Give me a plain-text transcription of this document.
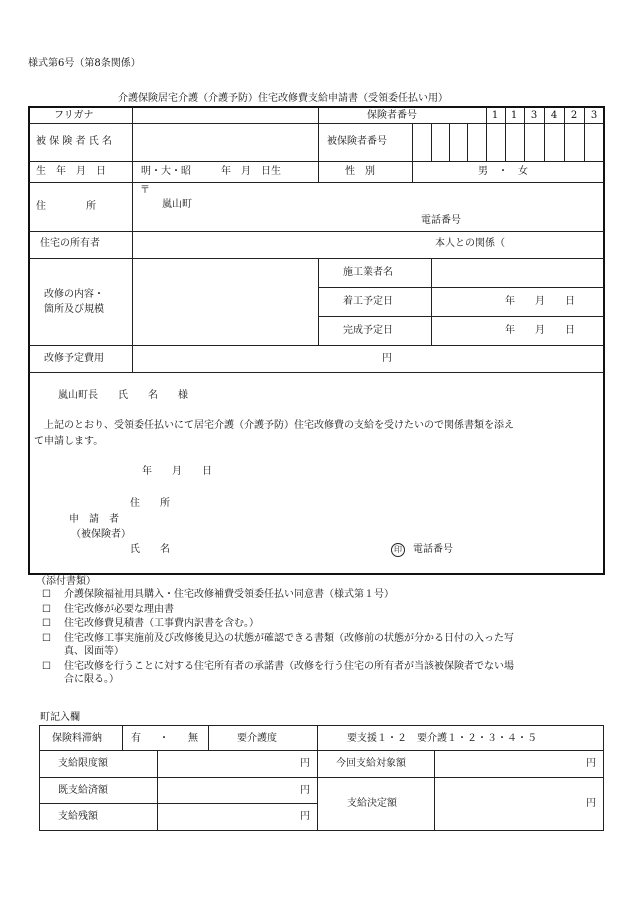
様式第6号（第8条関係）
介護保険居宅介護（介護予防）住宅改修費支給申請書（受領委任払い用）
フリガナ	保険者番号	1	1	3	4	2	3
被 保 険 者 氏 名	被保険者番号
生　年　月　日	明・大・昭　　　年　月　日生	性　別	男　・　女
住　　　　所
〒
嵐山町
電話番号
住宅の所有者	本人との関係（
改修の内容・
箇所及び規模
施工業者名
着工予定日	年　　月　　日
完成予定日	年　　月　　日
改修予定費用	円
嵐山町長　　氏　　名　　様
上記のとおり、受領委任払いにて居宅介護（介護予防）住宅改修費の支給を受けたいので関係書類を添え
て申請します。
年　　月　　日
住　　所
申　請　者
（被保険者）
氏　　名	印	電話番号
（添付書類）
☐ 介護保険福祉用具購入・住宅改修補費受領委任払い同意書（様式第１号）
☐ 住宅改修が必要な理由書
☐ 住宅改修費見積書（工事費内訳書を含む。）
☐ 住宅改修工事実施前及び改修後見込の状態が確認できる書類（改修前の状態が分かる日付の入った写
真、図面等）
☐ 住宅改修を行うことに対する住宅所有者の承諾書（改修を行う住宅の所有者が当該被保険者でない場
合に限る。）
町記入欄
保険料滞納	有 ・ 無	要介護度	要支援１・２　要介護１・２・３・４・５
支給限度額	円	今回支給対象額	円
既支給済額	円
支給決定額	円
支給残額	円
